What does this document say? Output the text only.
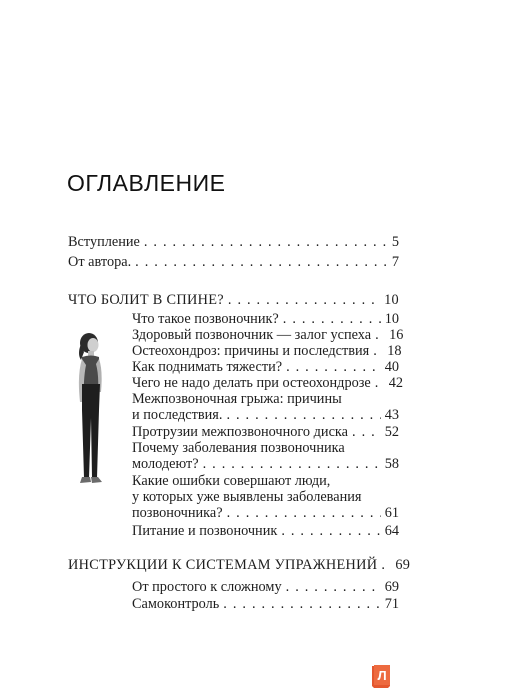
ОГЛАВЛЕНИЕ
Вступление . . .	5
От автора. . . .	7
ЧТО БОЛИТ В СПИНЕ? . . .	10
Что такое позвоночник? . . .	10
Здоровый позвоночник — залог успеха . . . 16
Остеохондроз: причины и последствия . . . 18
Как поднимать тяжести? . . .	40
Чего не надо делать при остеохондрозе . . . 42
Межпозвоночная грыжа: причины
и последствия. . . .	43
Протрузии межпозвоночного диска . . .	52
Почему заболевания позвоночника
молодеют? . . .	58
Какие ошибки совершают люди,
у которых уже выявлены заболевания
позвоночника? . . .	61
Питание и позвоночник . . .	64
ИНСТРУКЦИИ К СИСТЕМАМ УПРАЖНЕНИЙ . . . 69
От простого к сложному . . .	69
Самоконтроль . . .	71
Л
